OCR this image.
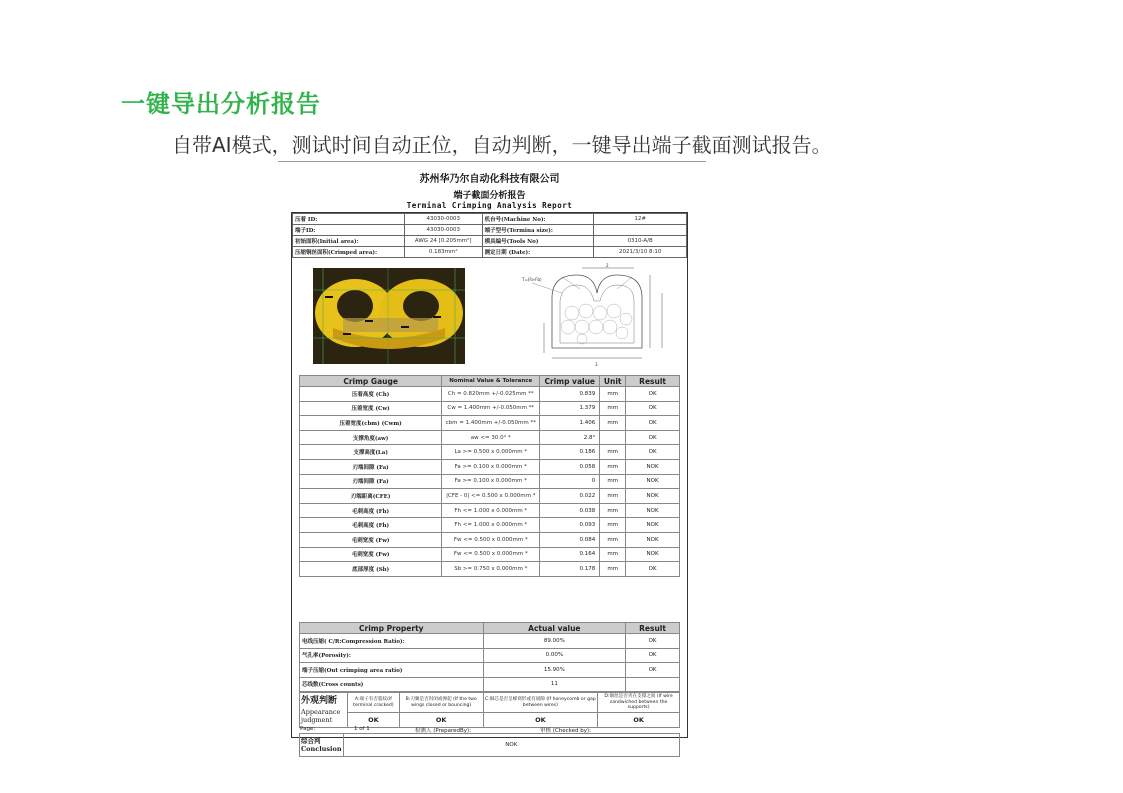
一键导出分析报告
自带AI模式，测试时间自动正位，自动判断，一键导出端子截面测试报告。
苏州华乃尔自动化科技有限公司
端子截面分析报告
Terminal Crimping Analysis Report
压着 ID:	43030-0003	机台号(Machine No):	12#
端子ID:	43030-0003	端子型号(Termina size):	
初始面积(Initial area):	AWG 24 [0.205mm²]	模具编号(Tools No)	0310-A/B
压缩铜丝面积(Crimped area):	0.183mm²	测定日期 (Date):	2021/3/10 8:10
T=(Fa-Fb)
2
3
Crimp Gauge	Nominal Value & Tolerance	Crimp value	Unit	Result
压着高度 (Ch)	Ch = 0.820mm +/-0.025mm **	0.839	mm	OK
压着宽度 (Cw)	Cw = 1.400mm +/-0.050mm **	1.379	mm	OK
压着宽度(cbm) (Cwm)	cbm = 1.400mm +/-0.050mm **	1.406	mm	OK
支撑角度(aw)	aw <= 30.0° *	2.8°		OK
支撑高度(La)	La >= 0.500 x 0.000mm *	0.186	mm	OK
刃端间隙 (Fa)	Fa >= 0.100 x 0.000mm *	0.058	mm	NOK
刃端间隙 (Fa)	Fa >= 0.100 x 0.000mm *	0	mm	NOK
刃端距离(CFE)	|CFE - 0| <= 0.500 x 0.000mm *	0.022	mm	NOK
毛刺高度 (Fh)	Fh <= 1.000 x 0.000mm *	0.038	mm	NOK
毛刺高度 (Fh)	Fh <= 1.000 x 0.000mm *	0.093	mm	NOK
毛刺宽度 (Fw)	Fw <= 0.500 x 0.000mm *	0.084	mm	NOK
毛刺宽度 (Fw)	Fw <= 0.500 x 0.000mm *	0.164	mm	NOK
底部厚度 (Sb)	Sb >= 0.750 x 0.000mm *	0.178	mm	OK
Crimp Property	Actual value	Result
电线压缩( C/R:Compression Ratio):	89.00%	OK
气孔率(Porosity):	0.00%	OK
端子压缩(Out crimping area ratio)	15.90%	OK
芯线数(Cross counts)	11	
外观判断
Appearance judgment	A:端子有否裂纹(If terminal cracked)	B:刃翼是否封闭或弹起 (If the two wings closed or bouncing)	C:铜芯是否呈蜂窝形或有间隙 (If honeycomb or gap between wires)	D:铜丝是否夹在支撑之间 (If wire sandwiched between the supports)
	OK	OK	OK	OK
综合判 Conclusion	NOK
Page:	1 of 1	检测人 (PreparedBy):	审核 (Checked by):
